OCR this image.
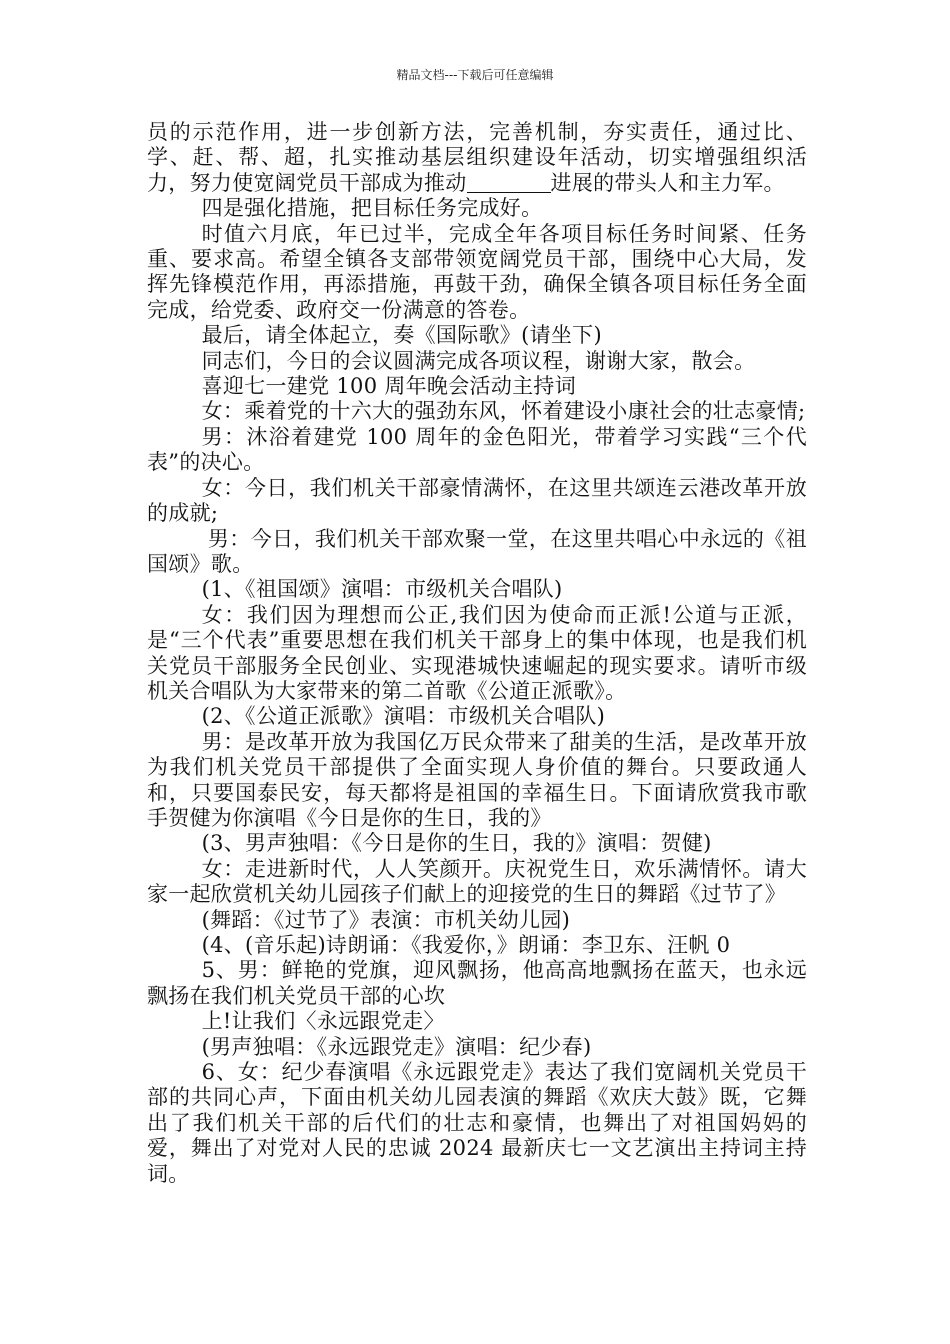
精品文档---下载后可任意编辑

员的示范作用，进一步创新方法，完善机制，夯实责任，通过比、学、赶、帮、超，扎实推动基层组织建设年活动，切实增强组织活力，努力使宽阔党员干部成为推动	进展的带头人和主力军。

四是强化措施，把目标任务完成好。

时值六月底，年已过半，完成全年各项目标任务时间紧、任务重、要求高。希望全镇各支部带领宽阔党员干部，围绕中心大局，发挥先锋模范作用，再添措施，再鼓干劲，确保全镇各项目标任务全面完成，给党委、政府交一份满意的答卷。

最后，请全体起立，奏《国际歌》(请坐下)

同志们，今日的会议圆满完成各项议程，谢谢大家，散会。

喜迎七一建党 100 周年晚会活动主持词

女：乘着党的十六大的强劲东风，怀着建设小康社会的壮志豪情;

男：沐浴着建党 100 周年的金色阳光，带着学习实践“三个代表”的决心。

女：今日，我们机关干部豪情满怀，在这里共颂连云港改革开放的成就;

男：今日，我们机关干部欢聚一堂，在这里共唱心中永远的《祖国颂》歌。

(1、《祖国颂》演唱：市级机关合唱队)

女：我们因为理想而公正,我们因为使命而正派!公道与正派，是“三个代表”重要思想在我们机关干部身上的集中体现，也是我们机关党员干部服务全民创业、实现港城快速崛起的现实要求。请听市级机关合唱队为大家带来的第二首歌《公道正派歌》。

(2、《公道正派歌》演唱：市级机关合唱队)

男：是改革开放为我国亿万民众带来了甜美的生活，是改革开放为我们机关党员干部提供了全面实现人身价值的舞台。只要政通人和，只要国泰民安，每天都将是祖国的幸福生日。下面请欣赏我市歌手贺健为你演唱《今日是你的生日，我的》

(3、男声独唱：《今日是你的生日，我的》演唱：贺健)

女：走进新时代，人人笑颜开。庆祝党生日，欢乐满情怀。请大家一起欣赏机关幼儿园孩子们献上的迎接党的生日的舞蹈《过节了》

(舞蹈：《过节了》表演：市机关幼儿园)

(4、(音乐起)诗朗诵：《我爱你，》朗诵：李卫东、汪帆 0

5、男：鲜艳的党旗，迎风飘扬，他高高地飘扬在蓝天，也永远飘扬在我们机关党员干部的心坎

上!让我们〈永远跟党走〉

(男声独唱：《永远跟党走》演唱：纪少春)

6、女：纪少春演唱《永远跟党走》表达了我们宽阔机关党员干部的共同心声，下面由机关幼儿园表演的舞蹈《欢庆大鼓》既，它舞出了我们机关干部的后代们的壮志和豪情，也舞出了对祖国妈妈的爱，舞出了对党对人民的忠诚 2024 最新庆七一文艺演出主持词主持词。
